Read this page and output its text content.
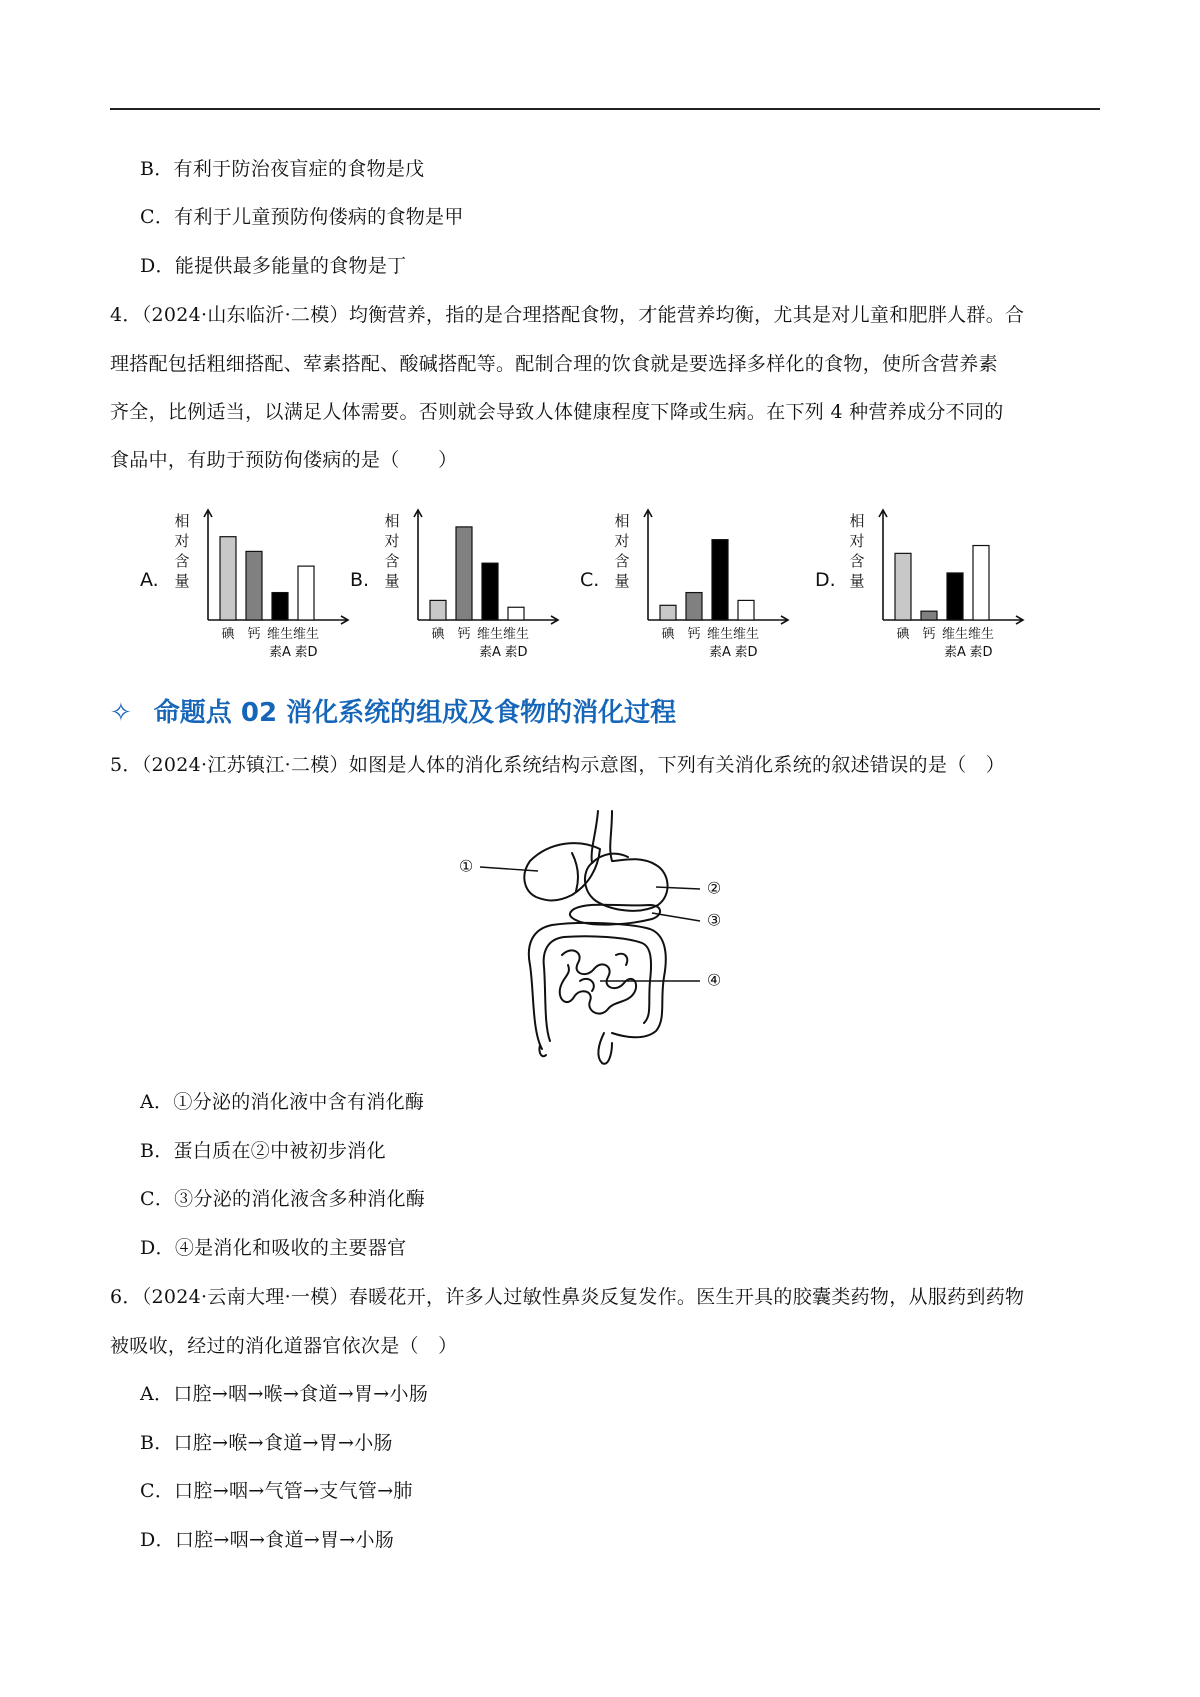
B．有利于防治夜盲症的食物是戊
C．有利于儿童预防佝偻病的食物是甲
D．能提供最多能量的食物是丁
4．（2024·山东临沂·二模）均衡营养，指的是合理搭配食物，才能营养均衡，尤其是对儿童和肥胖人群。合
理搭配包括粗细搭配、荤素搭配、酸碱搭配等。配制合理的饮食就是要选择多样化的食物，使所含营养素
齐全，比例适当，以满足人体需要。否则就会导致人体健康程度下降或生病。在下列 4 种营养成分不同的
食品中，有助于预防佝偻病的是（　　）
A.
相
对
含
量
碘 钙 维生
素A
维生
素D
B.
相
对
含
量
碘 钙 维生
素A
维生
素D
C.
相
对
含
量
碘 钙 维生
素A
维生
素D
D.
相
对
含
量
碘 钙 维生
素A
维生
素D
✧ 命题点 02 消化系统的组成及食物的消化过程
5．（2024·江苏镇江·二模）如图是人体的消化系统结构示意图，下列有关消化系统的叙述错误的是（　）
①
②
③
④
A．①分泌的消化液中含有消化酶
B．蛋白质在②中被初步消化
C．③分泌的消化液含多种消化酶
D．④是消化和吸收的主要器官
6．（2024·云南大理·一模）春暖花开，许多人过敏性鼻炎反复发作。医生开具的胶囊类药物，从服药到药物
被吸收，经过的消化道器官依次是（　）
A．口腔→咽→喉→食道→胃→小肠
B．口腔→喉→食道→胃→小肠
C．口腔→咽→气管→支气管→肺
D．口腔→咽→食道→胃→小肠
